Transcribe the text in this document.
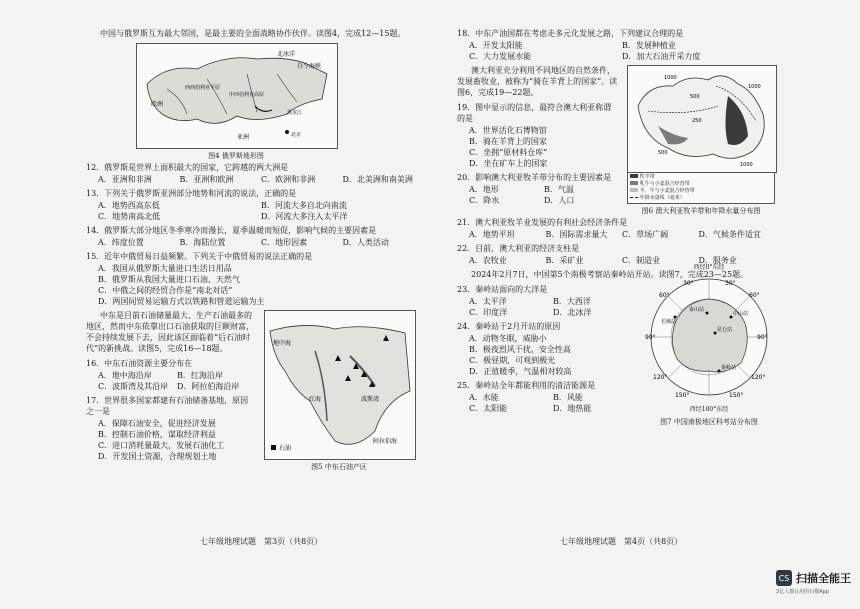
中国与俄罗斯互为最大邻国，是最主要的全面战略协作伙伴。读图4，完成12—15题。

北冰洋
白令海峡
亚洲
欧洲
中西伯利亚高原
西西伯利亚平原
北京
黑龙江
图4 俄罗斯地形图

12．俄罗斯是世界上面积最大的国家，它跨越的两大洲是

A．亚洲和非洲	B．亚洲和欧洲	C．欧洲和非洲	D．北美洲和南美洲

13．下列关于俄罗斯亚洲部分地势和河流的说法，正确的是

A．地势西高东低	B．河流大多自北向南流
C．地势南高北低	D．河流大多注入太平洋

14．俄罗斯大部分地区冬季寒冷而漫长，夏季温暖而短促，影响气候的主要因素是

A．纬度位置	B．海陆位置	C．地形因素	D．人类活动

15．近年中俄贸易日益频繁。下列关于中俄贸易的说法正确的是

A．我国从俄罗斯大量进口生活日用品
B．俄罗斯从我国大量进口石油、天然气
C．中俄之间的经贸合作是“南北对话”
D．两国间贸易运输方式以铁路和管道运输为主

中东是目前石油储量最大、生产石油最多的地区，然而中东依靠出口石油获取的巨额财富，不会持续发展下去，因此该区面临着“后石油时代”的新挑战。读图5，完成16—18题。

16．中东石油资源主要分布在

A．地中海沿岸	B．红海沿岸
C．波斯湾及其沿岸	D．阿拉伯海沿岸

17．世界很多国家都建有石油储备基地，原因之一是

A．保障石油安全，促进经济发展
B．控制石油价格，谋取经济利益
C．进口消耗量最大，发展石油化工
D．开发国土资源，合理规划土地
地中海
红海
阿拉伯海
波斯湾
石油
图5 中东石油产区
七年级地理试题　第3页（共8页）

18．中东产油国都在考虑走多元化发展之路，下列建议合理的是

A．开发太阳能	B．发展种植业
C．大力发展水能	D．加大石油开采力度

澳大利亚充分利用不同地区的自然条件，发展畜牧业，被称为“骑在羊背上的国家”。读图6，完成19—22题。

19．图中显示的信息，最符合澳大利亚称谓的是

A．世界活化石博物馆
B．骑在羊背上的国家
C．坐拥“原材料仓库”
D．坐在矿车上的国家

20．影响澳大利亚牧羊带分布的主要因素是

A．地形	B．气温
C．降水	D．人口
1000
1000
500
250
500
1000
牧羊带
乳牛与小麦混合经营带
羊、牛与小麦混合经营带
年降水量线（毫米）
图6 澳大利亚牧羊带和年降水量分布图

21．澳大利亚牧羊业发展的有利社会经济条件是

A．地势平坦	B．国际需求量大	C．草场广阔	D．气候条件适宜

22．目前，澳大利亚的经济支柱是

A．农牧业	B．采矿业	C．制造业	D．服务业

2024年2月7日，中国第5个南极考察站秦岭站开站。读图7，完成23—25题。

23．秦岭站面向的大洋是

A．太平洋	B．大西洋
C．印度洋	D．北冰洋

24．秦岭站于2月开站的原因

A．动物冬眠，威胁小
B．极夜烈风干扰，安全性高
C．极昼期，可观到极光
D．正值暖季，气温相对较高

25．秦岭站全年都能利用的清洁能源是

A．水能	B．风能
C．太阳能	D．地热能
西经0°东经
60°
30°	30°
60°
90°	90°
120°	120°
150°	150°
中山站
昆仑站
泰山站
长城站
秦岭站
西经180°东经
图7 中国南极地区科考站分布图
七年级地理试题　第4页（共8页）
CS 扫描全能王
3亿人都在用的扫描App
